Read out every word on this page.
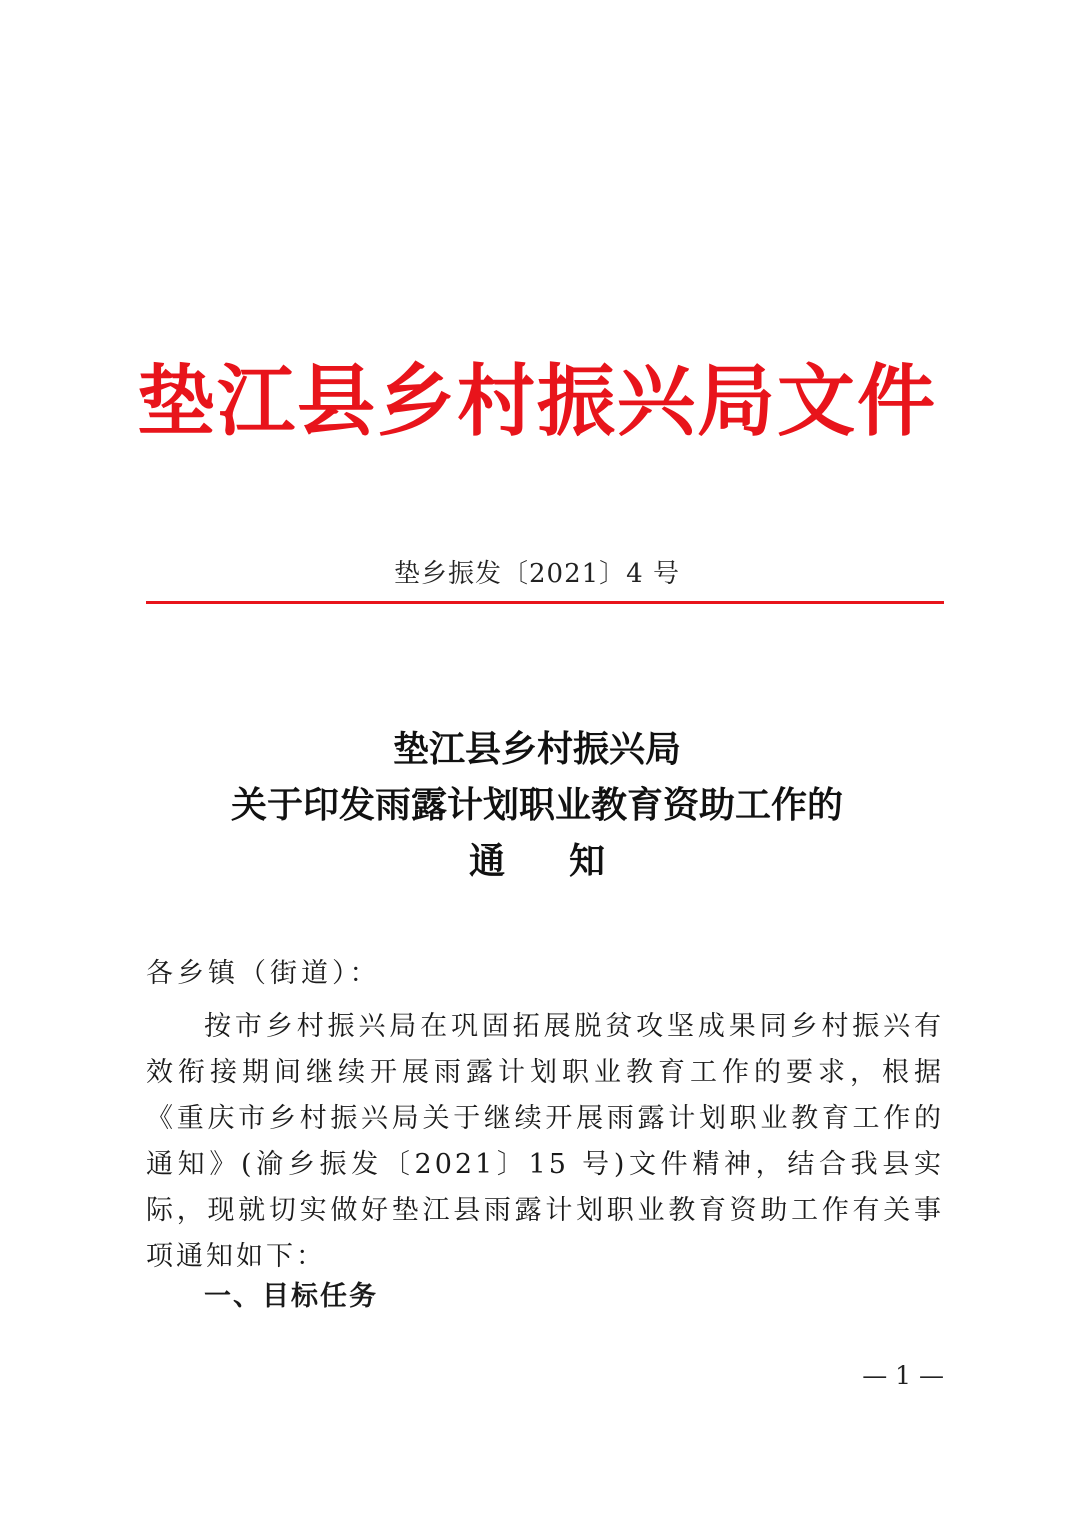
垫江县乡村振兴局文件
垫乡振发〔2021〕4 号
垫江县乡村振兴局
关于印发雨露计划职业教育资助工作的
通知
各乡镇（街道）：
按市乡村振兴局在巩固拓展脱贫攻坚成果同乡村振兴有效衔接期间继续开展雨露计划职业教育工作的要求，根据《重庆市乡村振兴局关于继续开展雨露计划职业教育工作的通知》(渝乡振发〔2021〕15 号)文件精神，结合我县实际，现就切实做好垫江县雨露计划职业教育资助工作有关事项通知如下：
一、目标任务
— 1 —
